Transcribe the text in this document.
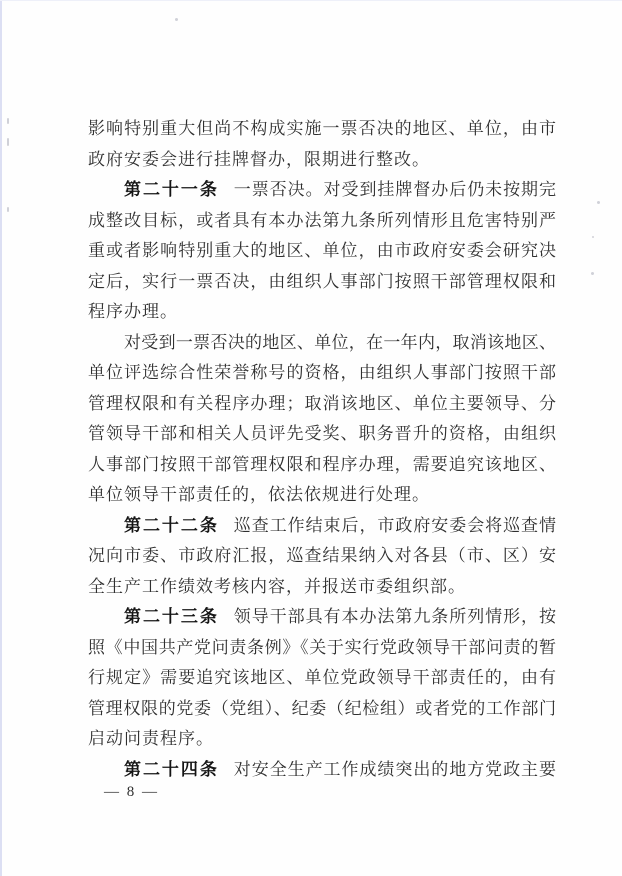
影响特别重大但尚不构成实施一票否决的地区、单位，由市
政府安委会进行挂牌督办，限期进行整改。
第二十一条 一票否决。对受到挂牌督办后仍未按期完
成整改目标，或者具有本办法第九条所列情形且危害特别严
重或者影响特别重大的地区、单位，由市政府安委会研究决
定后，实行一票否决，由组织人事部门按照干部管理权限和
程序办理。
对受到一票否决的地区、单位，在一年内，取消该地区、
单位评选综合性荣誉称号的资格，由组织人事部门按照干部
管理权限和有关程序办理；取消该地区、单位主要领导、分
管领导干部和相关人员评先受奖、职务晋升的资格，由组织
人事部门按照干部管理权限和程序办理，需要追究该地区、
单位领导干部责任的，依法依规进行处理。
第二十二条 巡查工作结束后，市政府安委会将巡查情
况向市委、市政府汇报，巡查结果纳入对各县（市、区）安
全生产工作绩效考核内容，并报送市委组织部。
第二十三条 领导干部具有本办法第九条所列情形，按
照《中国共产党问责条例》《关于实行党政领导干部问责的暂
行规定》需要追究该地区、单位党政领导干部责任的，由有
管理权限的党委（党组）、纪委（纪检组）或者党的工作部门
启动问责程序。
第二十四条 对安全生产工作成绩突出的地方党政主要
— 8 —
